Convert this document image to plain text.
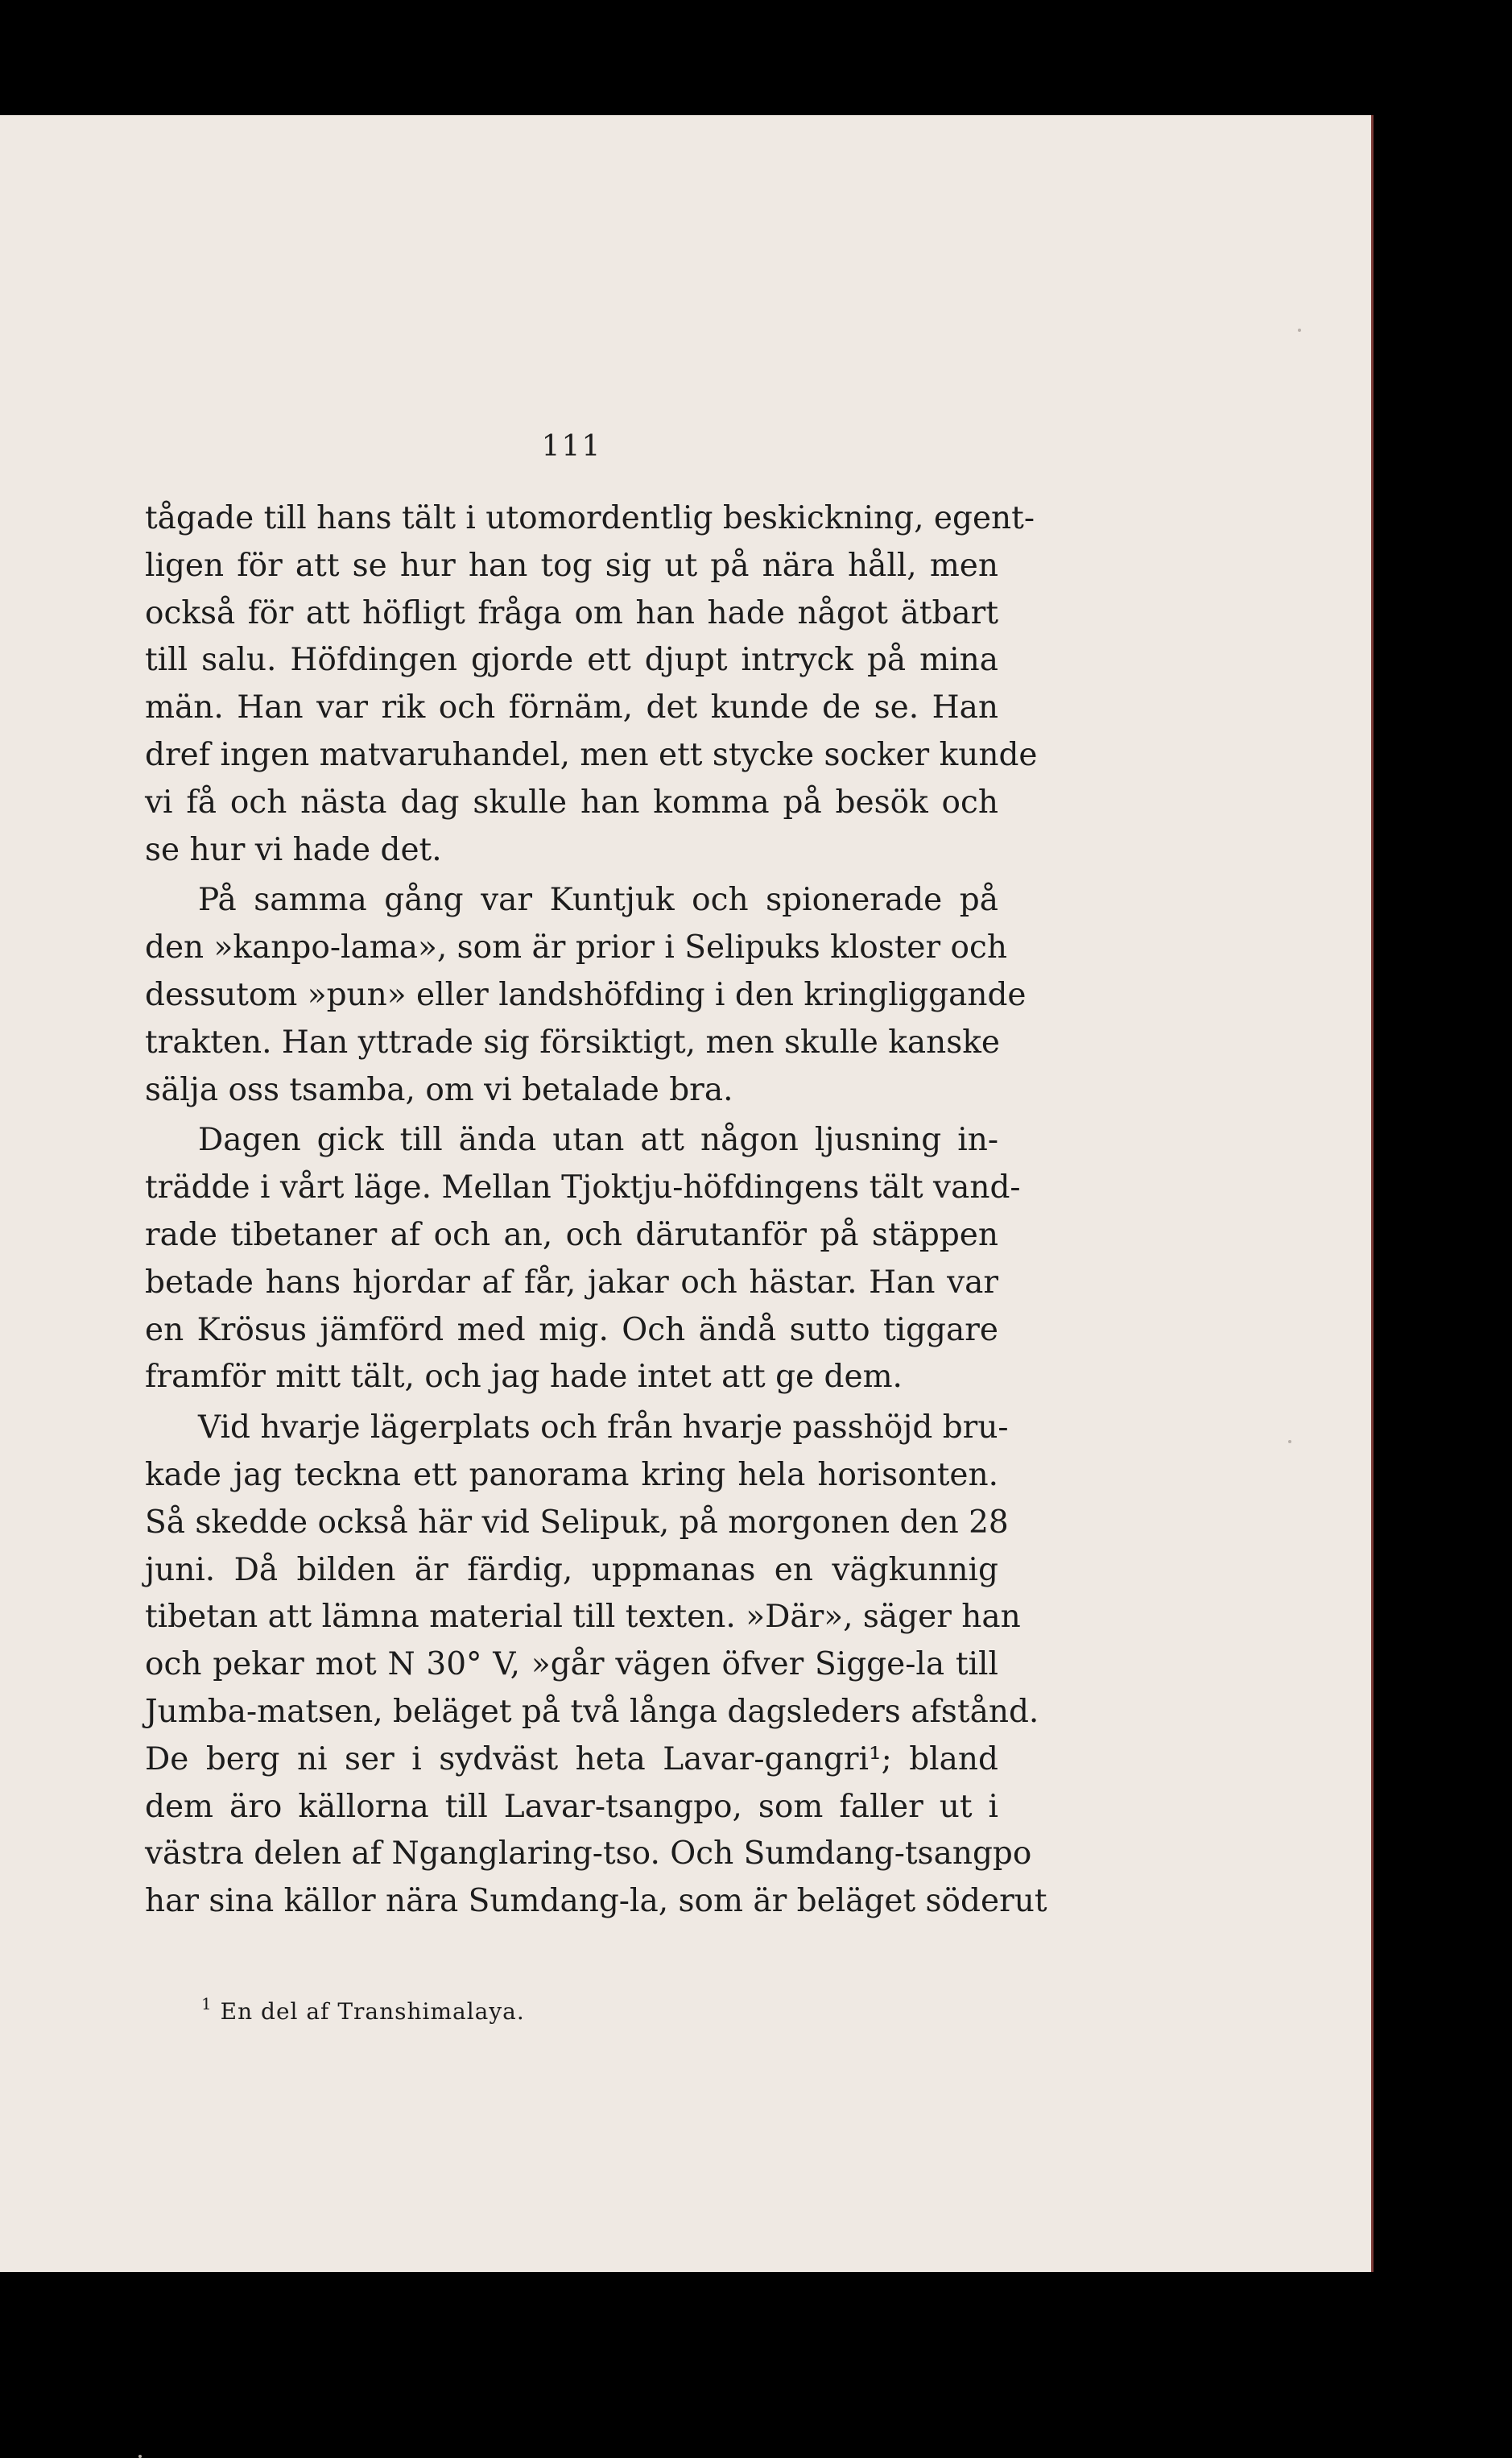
111
tågade till hans tält i utomordentlig beskickning, egent-
ligen för att se hur han tog sig ut på nära håll, men
också för att höfligt fråga om han hade något ätbart
till salu. Höfdingen gjorde ett djupt intryck på mina
män. Han var rik och förnäm, det kunde de se. Han
dref ingen matvaruhandel, men ett stycke socker kunde
vi få och nästa dag skulle han komma på besök och
se hur vi hade det.
På samma gång var Kuntjuk och spionerade på
den »kanpo-lama», som är prior i Selipuks kloster och
dessutom »pun» eller landshöfding i den kringliggande
trakten. Han yttrade sig försiktigt, men skulle kanske
sälja oss tsamba, om vi betalade bra.
Dagen gick till ända utan att någon ljusning in-
trädde i vårt läge. Mellan Tjoktju-höfdingens tält vand-
rade tibetaner af och an, och därutanför på stäppen
betade hans hjordar af får, jakar och hästar. Han var
en Krösus jämförd med mig. Och ändå sutto tiggare
framför mitt tält, och jag hade intet att ge dem.
Vid hvarje lägerplats och från hvarje passhöjd bru-
kade jag teckna ett panorama kring hela horisonten.
Så skedde också här vid Selipuk, på morgonen den 28
juni. Då bilden är färdig, uppmanas en vägkunnig
tibetan att lämna material till texten. »Där», säger han
och pekar mot N 30° V, »går vägen öfver Sigge-la till
Jumba-matsen, beläget på två långa dagsleders afstånd.
De berg ni ser i sydväst heta Lavar-gangri¹; bland
dem äro källorna till Lavar-tsangpo, som faller ut i
västra delen af Nganglaring-tso. Och Sumdang-tsangpo
har sina källor nära Sumdang-la, som är beläget söderut
$^1$ En del af Transhimalaya.
